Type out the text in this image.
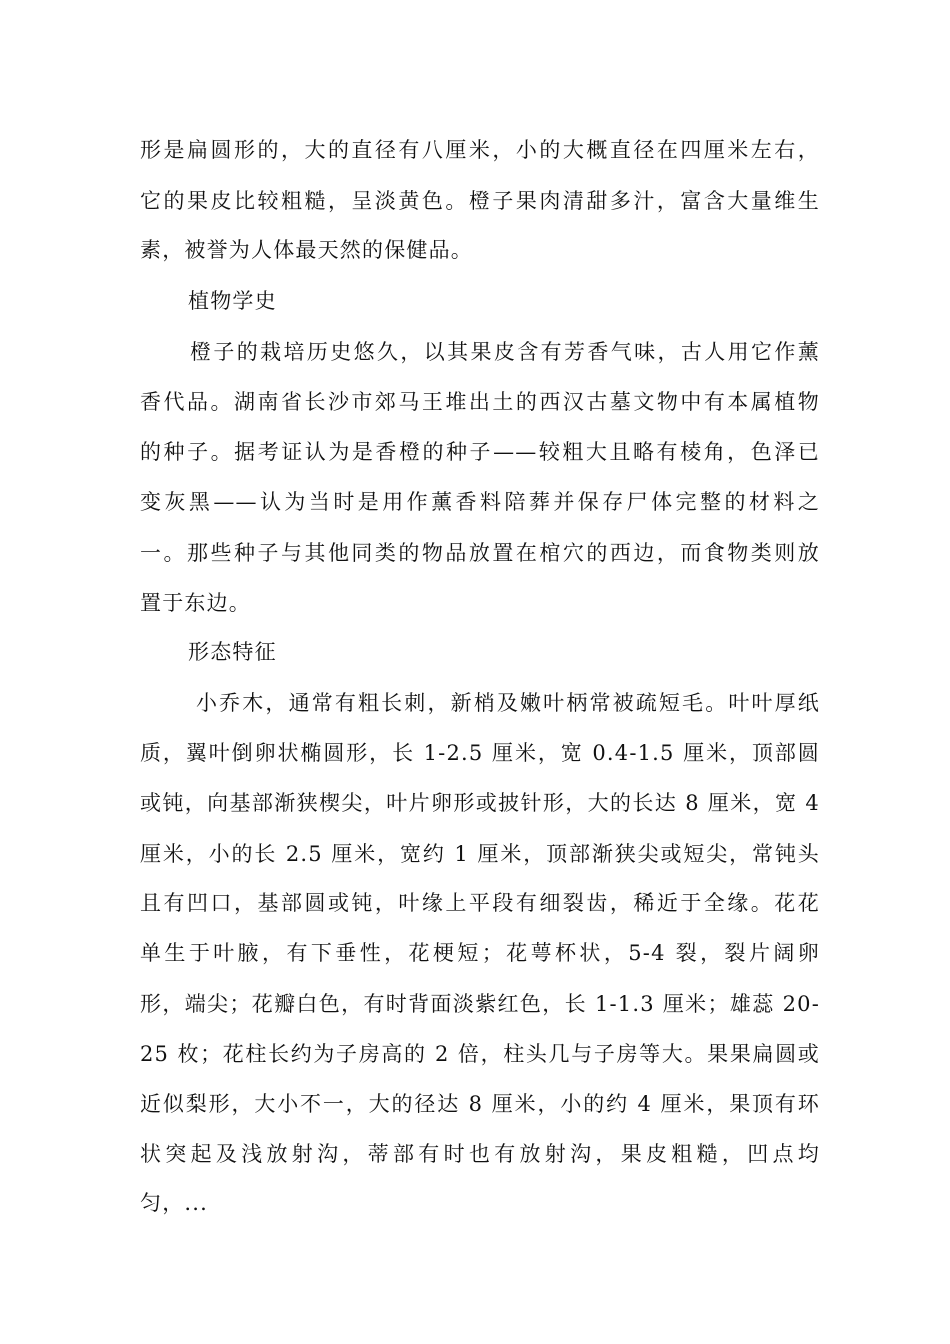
形是扁圆形的，大的直径有八厘米，小的大概直径在四厘米左右，
它的果皮比较粗糙，呈淡黄色。橙子果肉清甜多汁，富含大量维生
素，被誉为人体最天然的保健品。
植物学史
橙子的栽培历史悠久，以其果皮含有芳香气味，古人用它作薰
香代品。湖南省长沙市郊马王堆出土的西汉古墓文物中有本属植物
的种子。据考证认为是香橙的种子——较粗大且略有棱角，色泽已
变灰黑——认为当时是用作薰香料陪葬并保存尸体完整的材料之
一。那些种子与其他同类的物品放置在棺穴的西边，而食物类则放
置于东边。
形态特征
小乔木，通常有粗长刺，新梢及嫩叶柄常被疏短毛。叶叶厚纸
质，翼叶倒卵状椭圆形，长 1-2.5 厘米，宽 0.4-1.5 厘米，顶部圆
或钝，向基部渐狭楔尖，叶片卵形或披针形，大的长达 8 厘米，宽 4
厘米，小的长 2.5 厘米，宽约 1 厘米，顶部渐狭尖或短尖，常钝头
且有凹口，基部圆或钝，叶缘上平段有细裂齿，稀近于全缘。花花
单生于叶腋，有下垂性，花梗短；花萼杯状，5-4 裂，裂片阔卵
形，端尖；花瓣白色，有时背面淡紫红色，长 1-1.3 厘米；雄蕊 20-
25 枚；花柱长约为子房高的 2 倍，柱头几与子房等大。果果扁圆或
近似梨形，大小不一，大的径达 8 厘米，小的约 4 厘米，果顶有环
状突起及浅放射沟，蒂部有时也有放射沟，果皮粗糙，凹点均
匀，...
